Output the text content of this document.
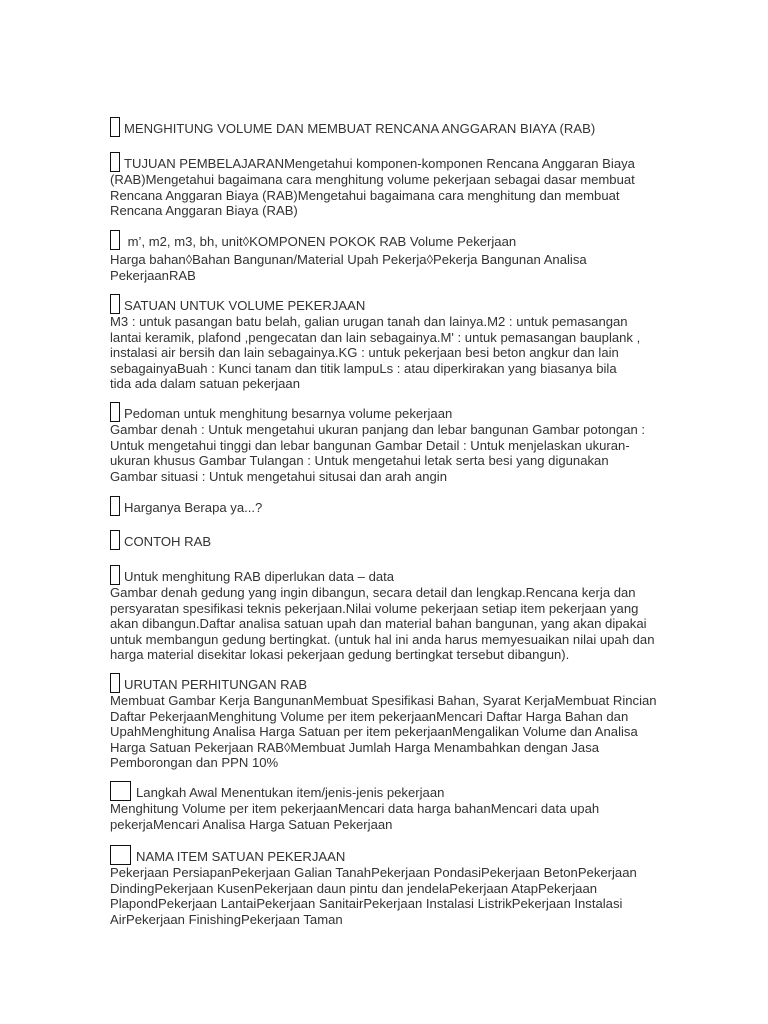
MENGHITUNG VOLUME DAN MEMBUAT RENCANA ANGGARAN BIAYA (RAB)
TUJUAN PEMBELAJARANMengetahui komponen-komponen Rencana Anggaran Biaya
(RAB)Mengetahui bagaimana cara menghitung volume pekerjaan sebagai dasar membuat
Rencana Anggaran Biaya (RAB)Mengetahui bagaimana cara menghitung dan membuat
Rencana Anggaran Biaya (RAB)
m’, m2, m3, bh, unit◊KOMPONEN POKOK RAB Volume Pekerjaan
Harga bahan◊Bahan Bangunan/Material Upah Pekerja◊Pekerja Bangunan Analisa
PekerjaanRAB
SATUAN UNTUK VOLUME PEKERJAAN
M3 : untuk pasangan batu belah, galian urugan tanah dan lainya.M2 : untuk pemasangan
lantai keramik, plafond ,pengecatan dan lain sebagainya.M' : untuk pemasangan bauplank ,
instalasi air bersih dan lain sebagainya.KG : untuk pekerjaan besi beton angkur dan lain
sebagainyaBuah : Kunci tanam dan titik lampuLs : atau diperkirakan yang biasanya bila
tida ada dalam satuan pekerjaan
Pedoman untuk menghitung besarnya volume pekerjaan
Gambar denah : Untuk mengetahui ukuran panjang dan lebar bangunan Gambar potongan :
Untuk mengetahui tinggi dan lebar bangunan Gambar Detail : Untuk menjelaskan ukuran-
ukuran khusus Gambar Tulangan : Untuk mengetahui letak serta besi yang digunakan
Gambar situasi : Untuk mengetahui situsai dan arah angin
Harganya Berapa ya...?
CONTOH RAB
Untuk menghitung RAB diperlukan data – data
Gambar denah gedung yang ingin dibangun, secara detail dan lengkap.Rencana kerja dan
persyaratan spesifikasi teknis pekerjaan.Nilai volume pekerjaan setiap item pekerjaan yang
akan dibangun.Daftar analisa satuan upah dan material bahan bangunan, yang akan dipakai
untuk membangun gedung bertingkat. (untuk hal ini anda harus memyesuaikan nilai upah dan
harga material disekitar lokasi pekerjaan gedung bertingkat tersebut dibangun).
URUTAN PERHITUNGAN RAB
Membuat Gambar Kerja BangunanMembuat Spesifikasi Bahan, Syarat KerjaMembuat Rincian
Daftar PekerjaanMenghitung Volume per item pekerjaanMencari Daftar Harga Bahan dan
UpahMenghitung Analisa Harga Satuan per item pekerjaanMengalikan Volume dan Analisa
Harga Satuan Pekerjaan RAB◊Membuat Jumlah Harga Menambahkan dengan Jasa
Pemborongan dan PPN 10%
Langkah Awal Menentukan item/jenis-jenis pekerjaan
Menghitung Volume per item pekerjaanMencari data harga bahanMencari data upah
pekerjaMencari Analisa Harga Satuan Pekerjaan
NAMA ITEM SATUAN PEKERJAAN
Pekerjaan PersiapanPekerjaan Galian TanahPekerjaan PondasiPekerjaan BetonPekerjaan
DindingPekerjaan KusenPekerjaan daun pintu dan jendelaPekerjaan AtapPekerjaan
PlapondPekerjaan LantaiPekerjaan SanitairPekerjaan Instalasi ListrikPekerjaan Instalasi
AirPekerjaan FinishingPekerjaan Taman
